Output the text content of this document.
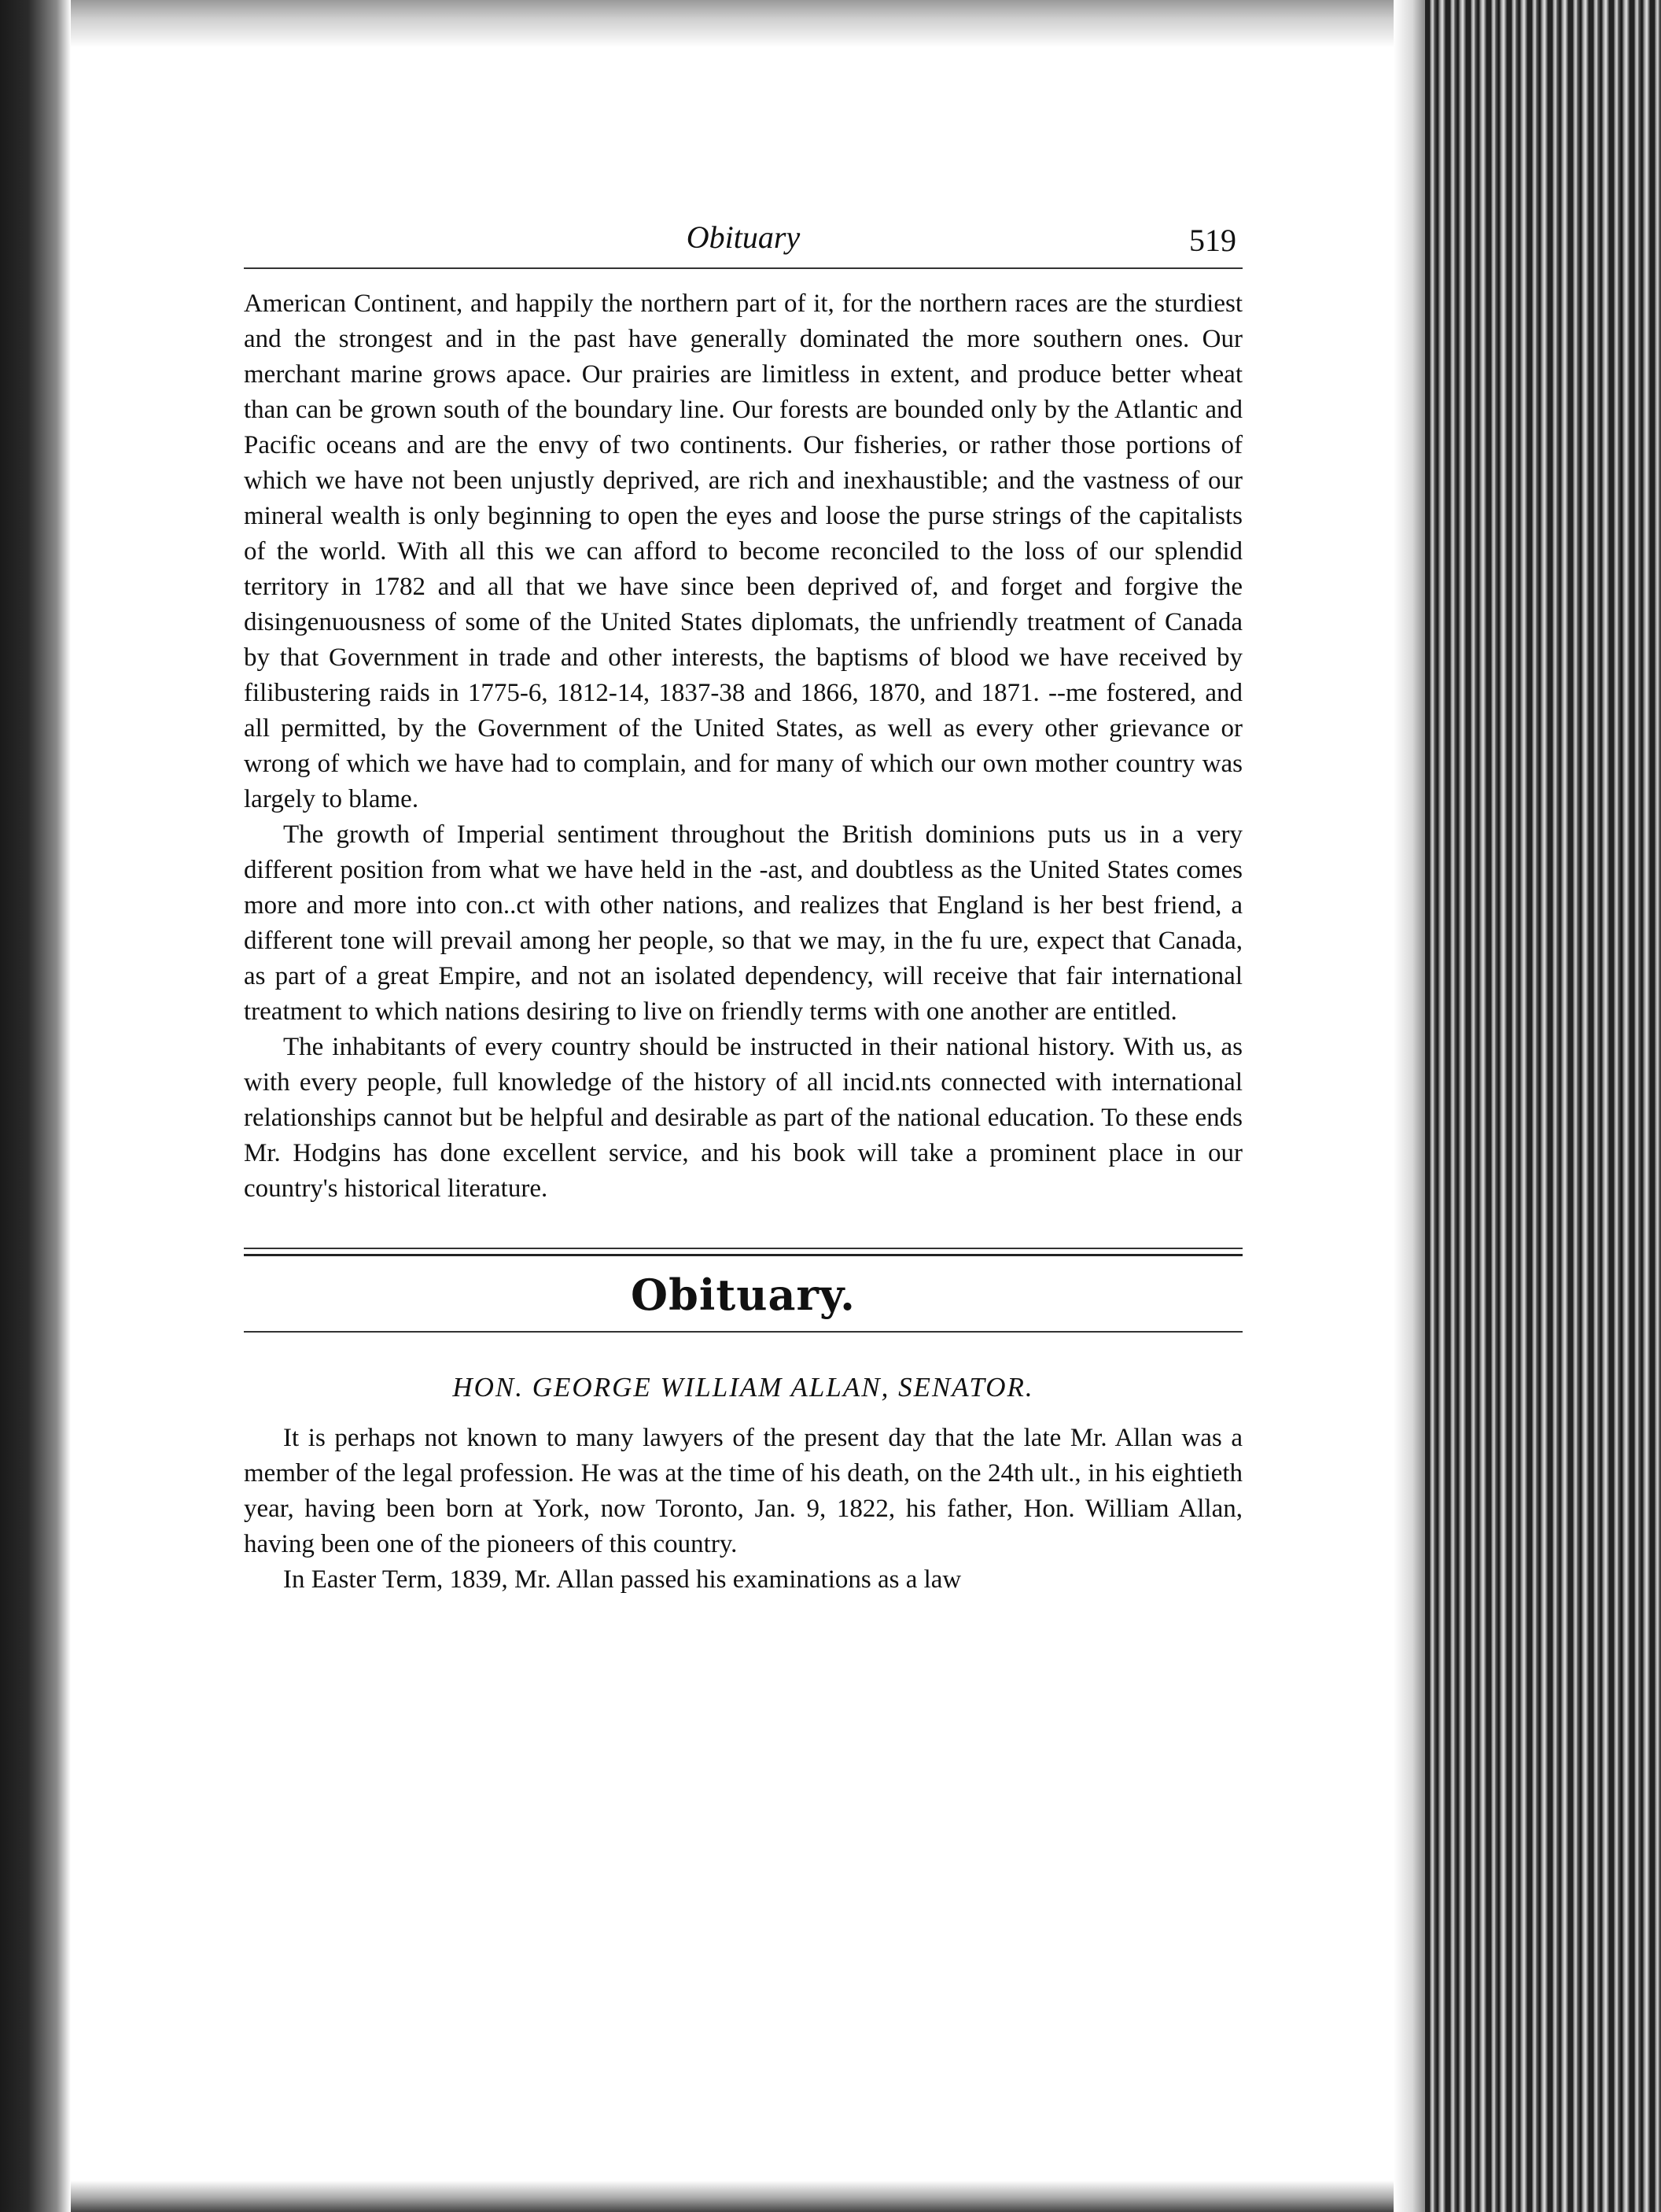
Obituary	519

American Continent, and happily the northern part of it, for the northern races are the sturdiest and the strongest and in the past have generally dominated the more southern ones. Our merchant marine grows apace. Our prairies are limitless in extent, and produce better wheat than can be grown south of the boundary line. Our forests are bounded only by the Atlantic and Pacific oceans and are the envy of two continents. Our fisheries, or rather those portions of which we have not been unjustly deprived, are rich and inexhaustible; and the vastness of our mineral wealth is only beginning to open the eyes and loose the purse strings of the capitalists of the world. With all this we can afford to become reconciled to the loss of our splendid territory in 1782 and all that we have since been deprived of, and forget and forgive the disingenuousness of some of the United States diplomats, the unfriendly treatment of Canada by that Government in trade and other interests, the baptisms of blood we have received by filibustering raids in 1775-6, 1812-14, 1837-38 and 1866, 1870, and 1871. --me fostered, and all permitted, by the Government of the United States, as well as every other grievance or wrong of which we have had to complain, and for many of which our own mother country was largely to blame.

The growth of Imperial sentiment throughout the British dominions puts us in a very different position from what we have held in the -ast, and doubtless as the United States comes more and more into con..ct with other nations, and realizes that England is her best friend, a different tone will prevail among her people, so that we may, in the fu ure, expect that Canada, as part of a great Empire, and not an isolated dependency, will receive that fair international treatment to which nations desiring to live on friendly terms with one another are entitled.

The inhabitants of every country should be instructed in their national history. With us, as with every people, full knowledge of the history of all incid.nts connected with international relationships cannot but be helpful and desirable as part of the national education. To these ends Mr. Hodgins has done excellent service, and his book will take a prominent place in our country's historical literature.

Obituary.
HON. GEORGE WILLIAM ALLAN, SENATOR.

It is perhaps not known to many lawyers of the present day that the late Mr. Allan was a member of the legal profession. He was at the time of his death, on the 24th ult., in his eightieth year, having been born at York, now Toronto, Jan. 9, 1822, his father, Hon. William Allan, having been one of the pioneers of this country.

In Easter Term, 1839, Mr. Allan passed his examinations as a law
